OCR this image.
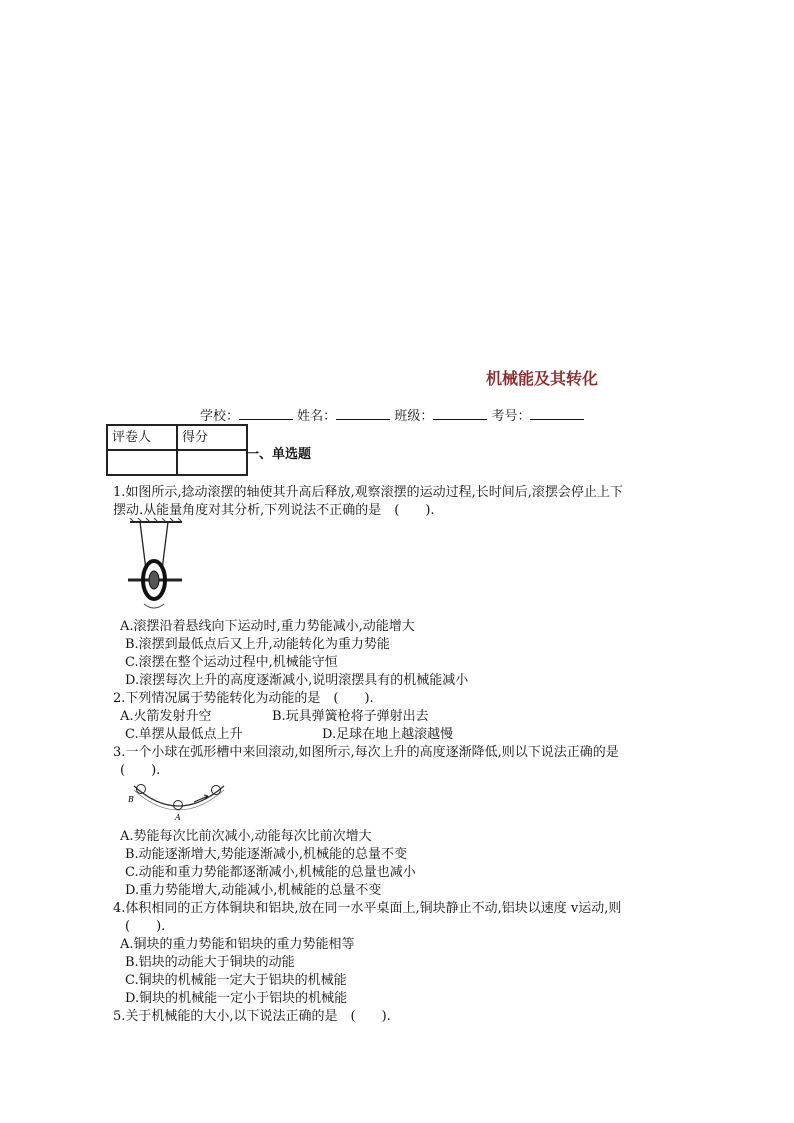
机械能及其转化
学校：	姓名：	班级：	考号：
评卷人	得分

一、单选题
1.如图所示,捻动滚摆的轴使其升高后释放,观察滚摆的运动过程,长时间后,滚摆会停止上下
摆动.从能量角度对其分析,下列说法不正确的是　(　　).
A.滚摆沿着悬线向下运动时,重力势能减小,动能增大
B.滚摆到最低点后又上升,动能转化为重力势能
C.滚摆在整个运动过程中,机械能守恒
D.滚摆每次上升的高度逐渐减小,说明滚摆具有的机械能减小
2.下列情况属于势能转化为动能的是　(　　).
A.火箭发射升空	B.玩具弹簧枪将子弹射出去
C.单摆从最低点上升	D.足球在地上越滚越慢
3.一个小球在弧形槽中来回滚动,如图所示,每次上升的高度逐渐降低,则以下说法正确的是
(　　).
B
A
A.势能每次比前次减小,动能每次比前次增大
B.动能逐渐增大,势能逐渐减小,机械能的总量不变
C.动能和重力势能都逐渐减小,机械能的总量也减小
D.重力势能增大,动能减小,机械能的总量不变
4.体积相同的正方体铜块和铝块,放在同一水平桌面上,铜块静止不动,铝块以速度 v运动,则
(　　).
A.铜块的重力势能和铝块的重力势能相等
B.铝块的动能大于铜块的动能
C.铜块的机械能一定大于铝块的机械能
D.铜块的机械能一定小于铝块的机械能
5.关于机械能的大小,以下说法正确的是　(　　).
